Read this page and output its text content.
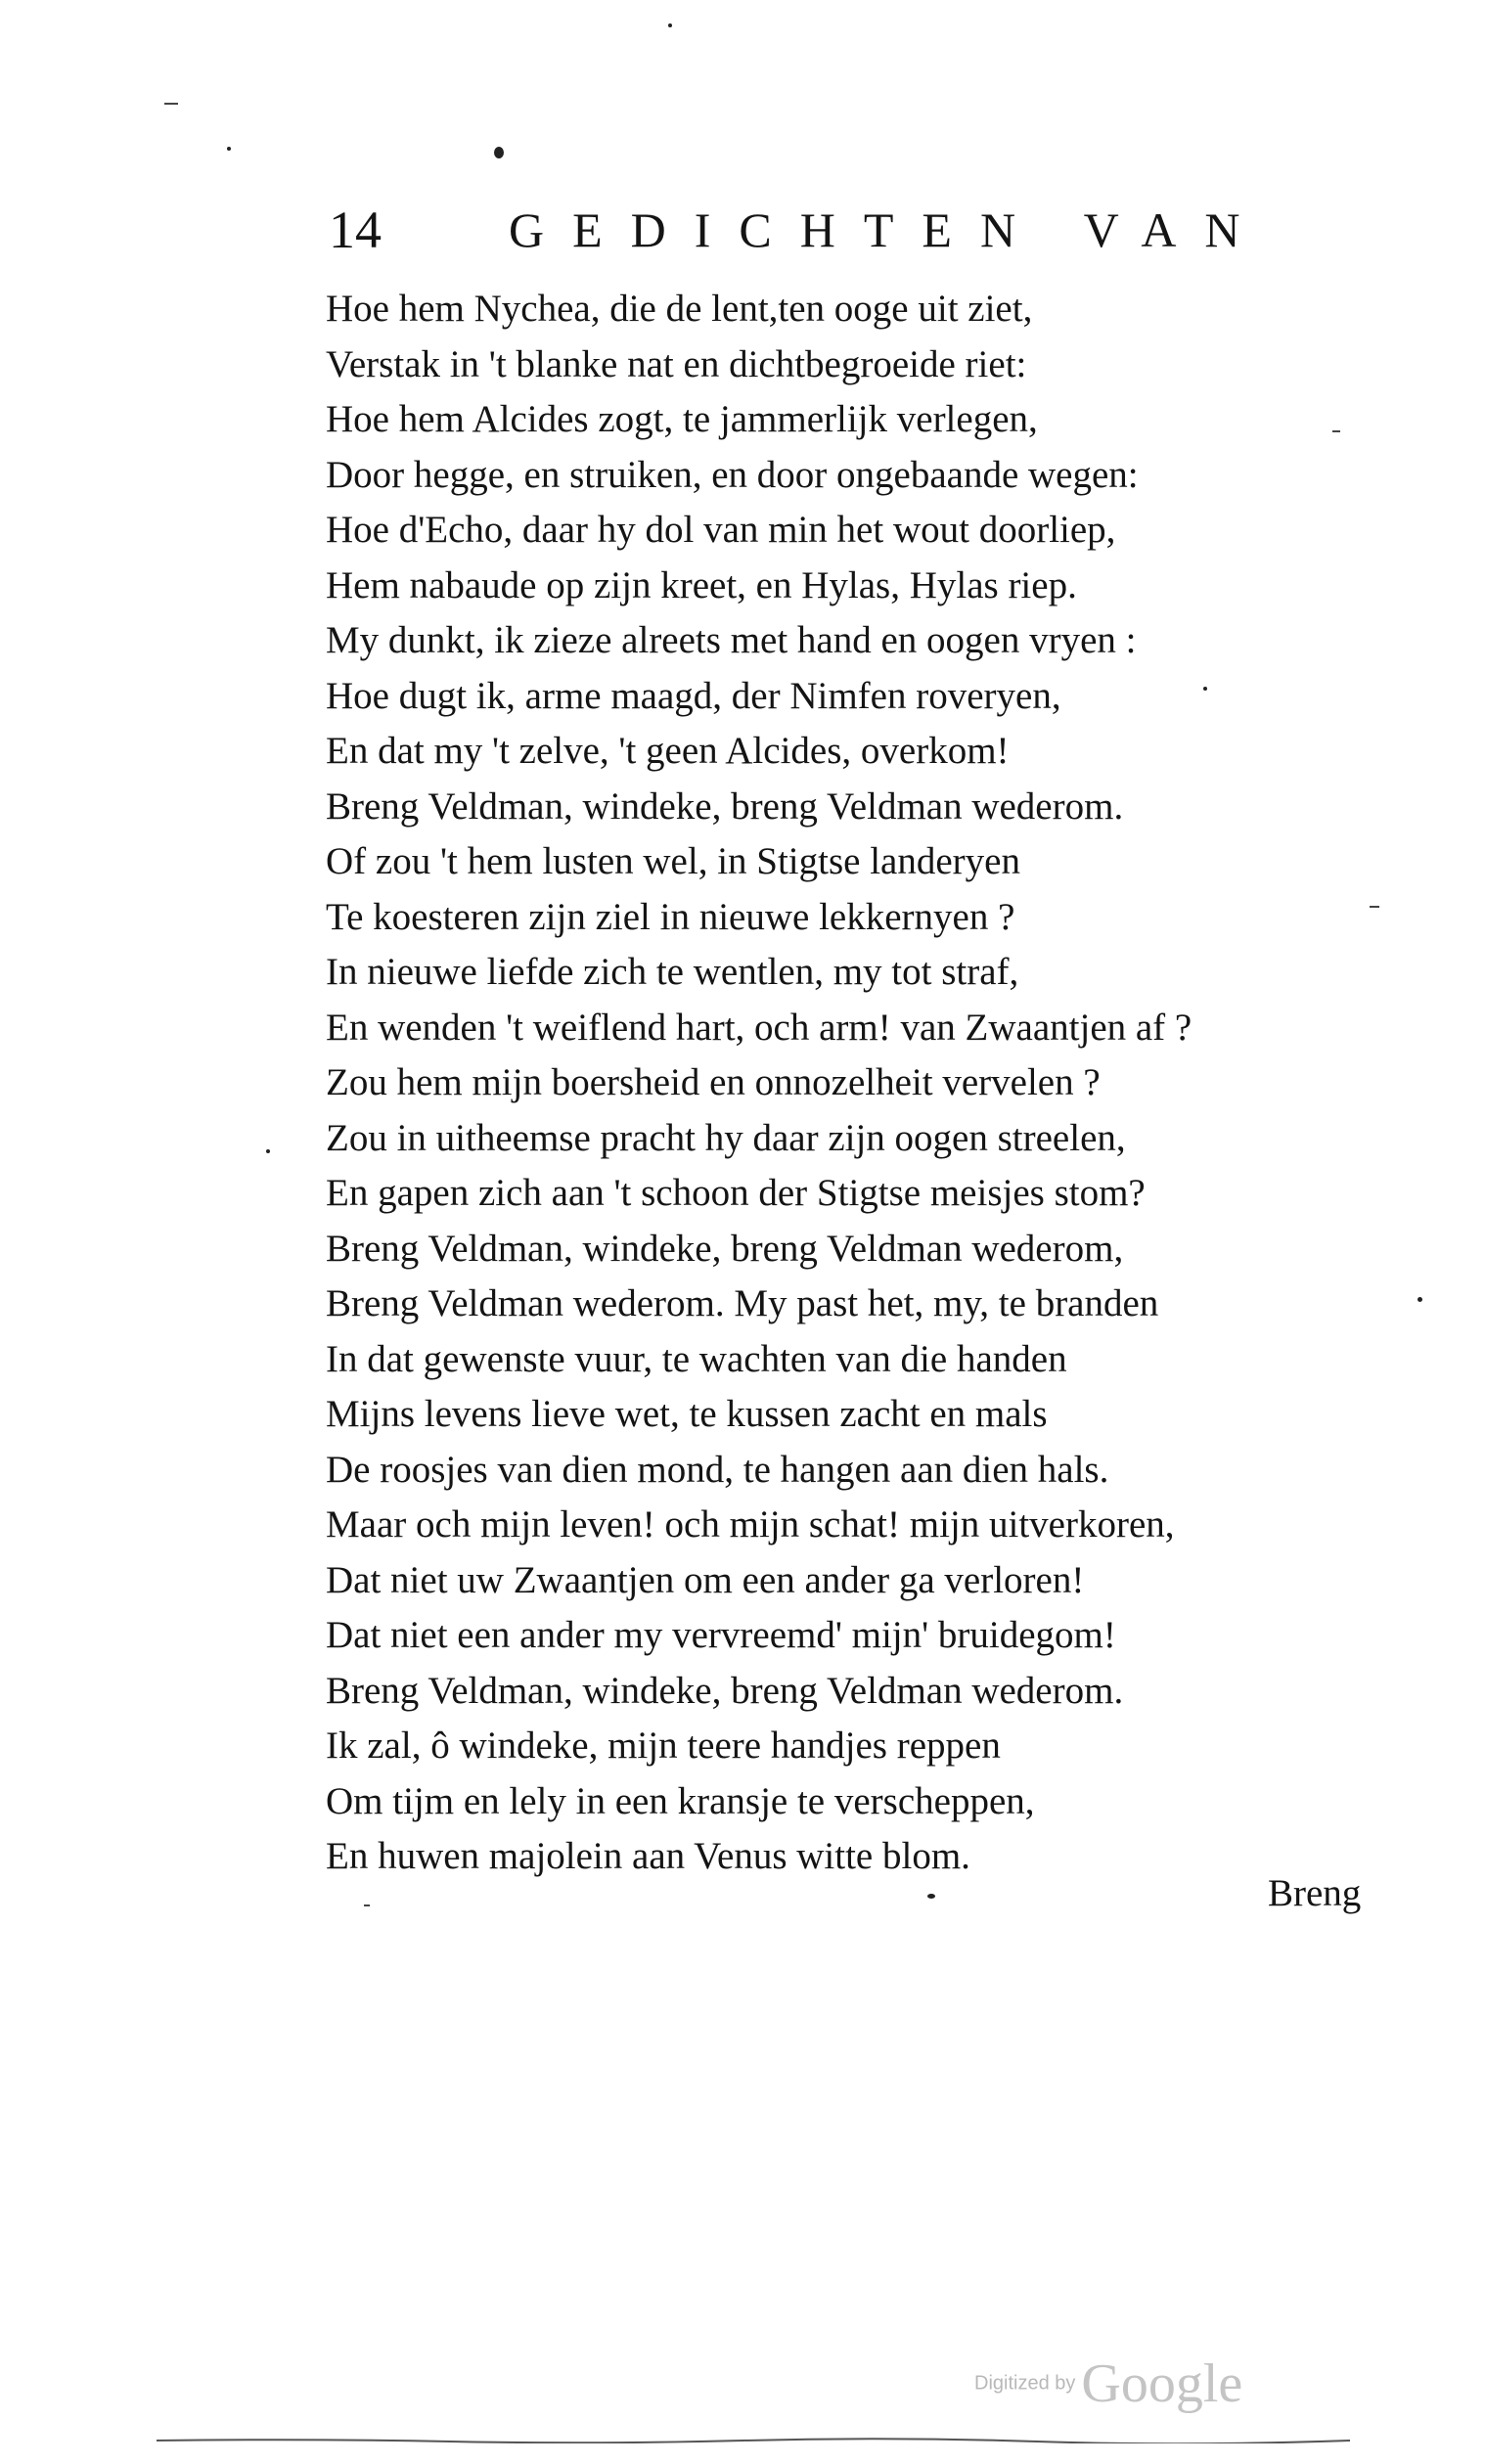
14	GEDICHTEN VAN
Hoe hem Nychea, die de lent,ten ooge uit ziet,
Verstak in 't blanke nat en dichtbegroeide riet:
Hoe hem Alcides zogt, te jammerlijk verlegen,
Door hegge, en struiken, en door ongebaande wegen:
Hoe d'Echo, daar hy dol van min het wout doorliep,
Hem nabaude op zijn kreet, en Hylas, Hylas riep.
My dunkt, ik zieze alreets met hand en oogen vryen :
Hoe dugt ik, arme maagd, der Nimfen roveryen,
En dat my 't zelve, 't geen Alcides, overkom!
Breng Veldman, windeke, breng Veldman wederom.
Of zou 't hem lusten wel, in Stigtse landeryen
Te koesteren zijn ziel in nieuwe lekkernyen ?
In nieuwe liefde zich te wentlen, my tot straf,
En wenden 't weiflend hart, och arm! van Zwaantjen af ?
Zou hem mijn boersheid en onnozelheit vervelen ?
Zou in uitheemse pracht hy daar zijn oogen streelen,
En gapen zich aan 't schoon der Stigtse meisjes stom?
Breng Veldman, windeke, breng Veldman wederom,
Breng Veldman wederom. My past het, my, te branden
In dat gewenste vuur, te wachten van die handen
Mijns levens lieve wet, te kussen zacht en mals
De roosjes van dien mond, te hangen aan dien hals.
Maar och mijn leven! och mijn schat! mijn uitverkoren,
Dat niet uw Zwaantjen om een ander ga verloren!
Dat niet een ander my vervreemd' mijn' bruidegom!
Breng Veldman, windeke, breng Veldman wederom.
Ik zal, ô windeke, mijn teere handjes reppen
Om tijm en lely in een kransje te verscheppen,
En huwen majolein aan Venus witte blom.
Breng
Digitized by Google
